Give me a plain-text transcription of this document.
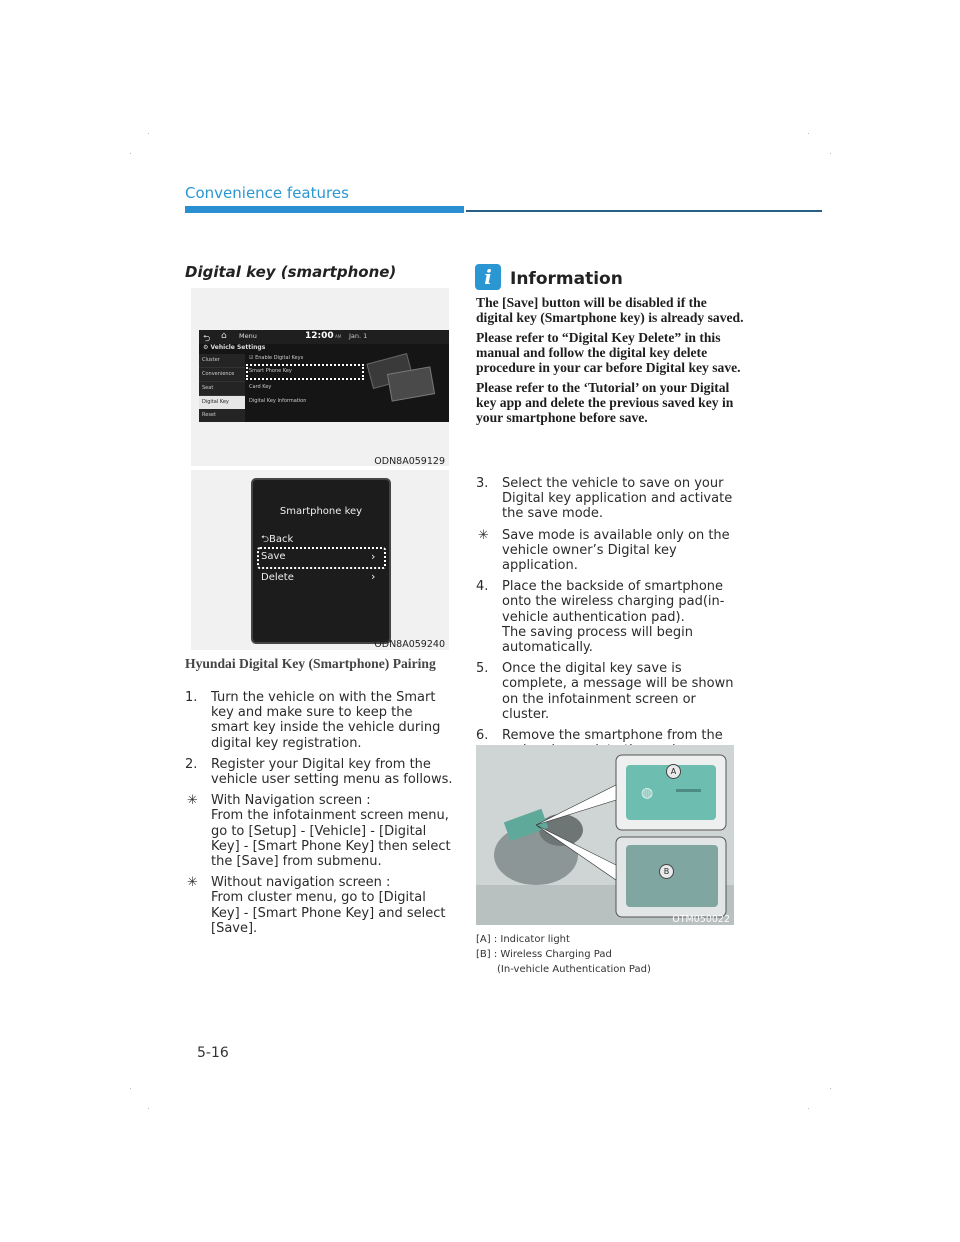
Convenience features
Digital key (smartphone)
⮌ ⌂ Menu	12:00 AM Jan. 1
⚙ Vehicle Settings
Cluster
Convenience
Seat
Digital Key
Reset
☑ Enable Digital Keys
Smart Phone Key
Card Key
Digital Key Information
ODN8A059129
Smartphone key
⮌Back
Save	›
Delete	›
ODN8A059240
Hyundai Digital Key (Smartphone) Pairing
1. Turn the vehicle on with the Smart key and make sure to keep the smart key inside the vehicle during digital key registration.
2. Register your Digital key from the vehicle user setting menu as follows.
✳ With Navigation screen :
From the infotainment screen menu, go to [Setup] - [Vehicle] - [Digital Key] - [Smart Phone Key] then select the [Save] from submenu.
✳ Without navigation screen :
From cluster menu, go to [Digital Key] - [Smart Phone Key] and select [Save].
i	Information

The [Save] button will be disabled if the digital key (Smartphone key) is already saved.

Please refer to “Digital Key Delete” in this manual and follow the digital key delete procedure in your car before Digital key save.

Please refer to the ‘Tutorial’ on your Digital key app and delete the previous saved key in your smartphone before save.

3. Select the vehicle to save on your Digital key application and activate the save mode.
✳ Save mode is available only on the vehicle owner’s Digital key application.
4. Place the backside of smartphone onto the wireless charging pad(in-vehicle authentication pad).
The saving process will begin automatically.
5. Once the digital key save is complete, a message will be shown on the infotainment screen or cluster.
6. Remove the smartphone from the
◍
A
B
OTM050022
[A] : Indicator light
[B] : Wireless Charging Pad
(In-vehicle Authentication Pad)
5-16
